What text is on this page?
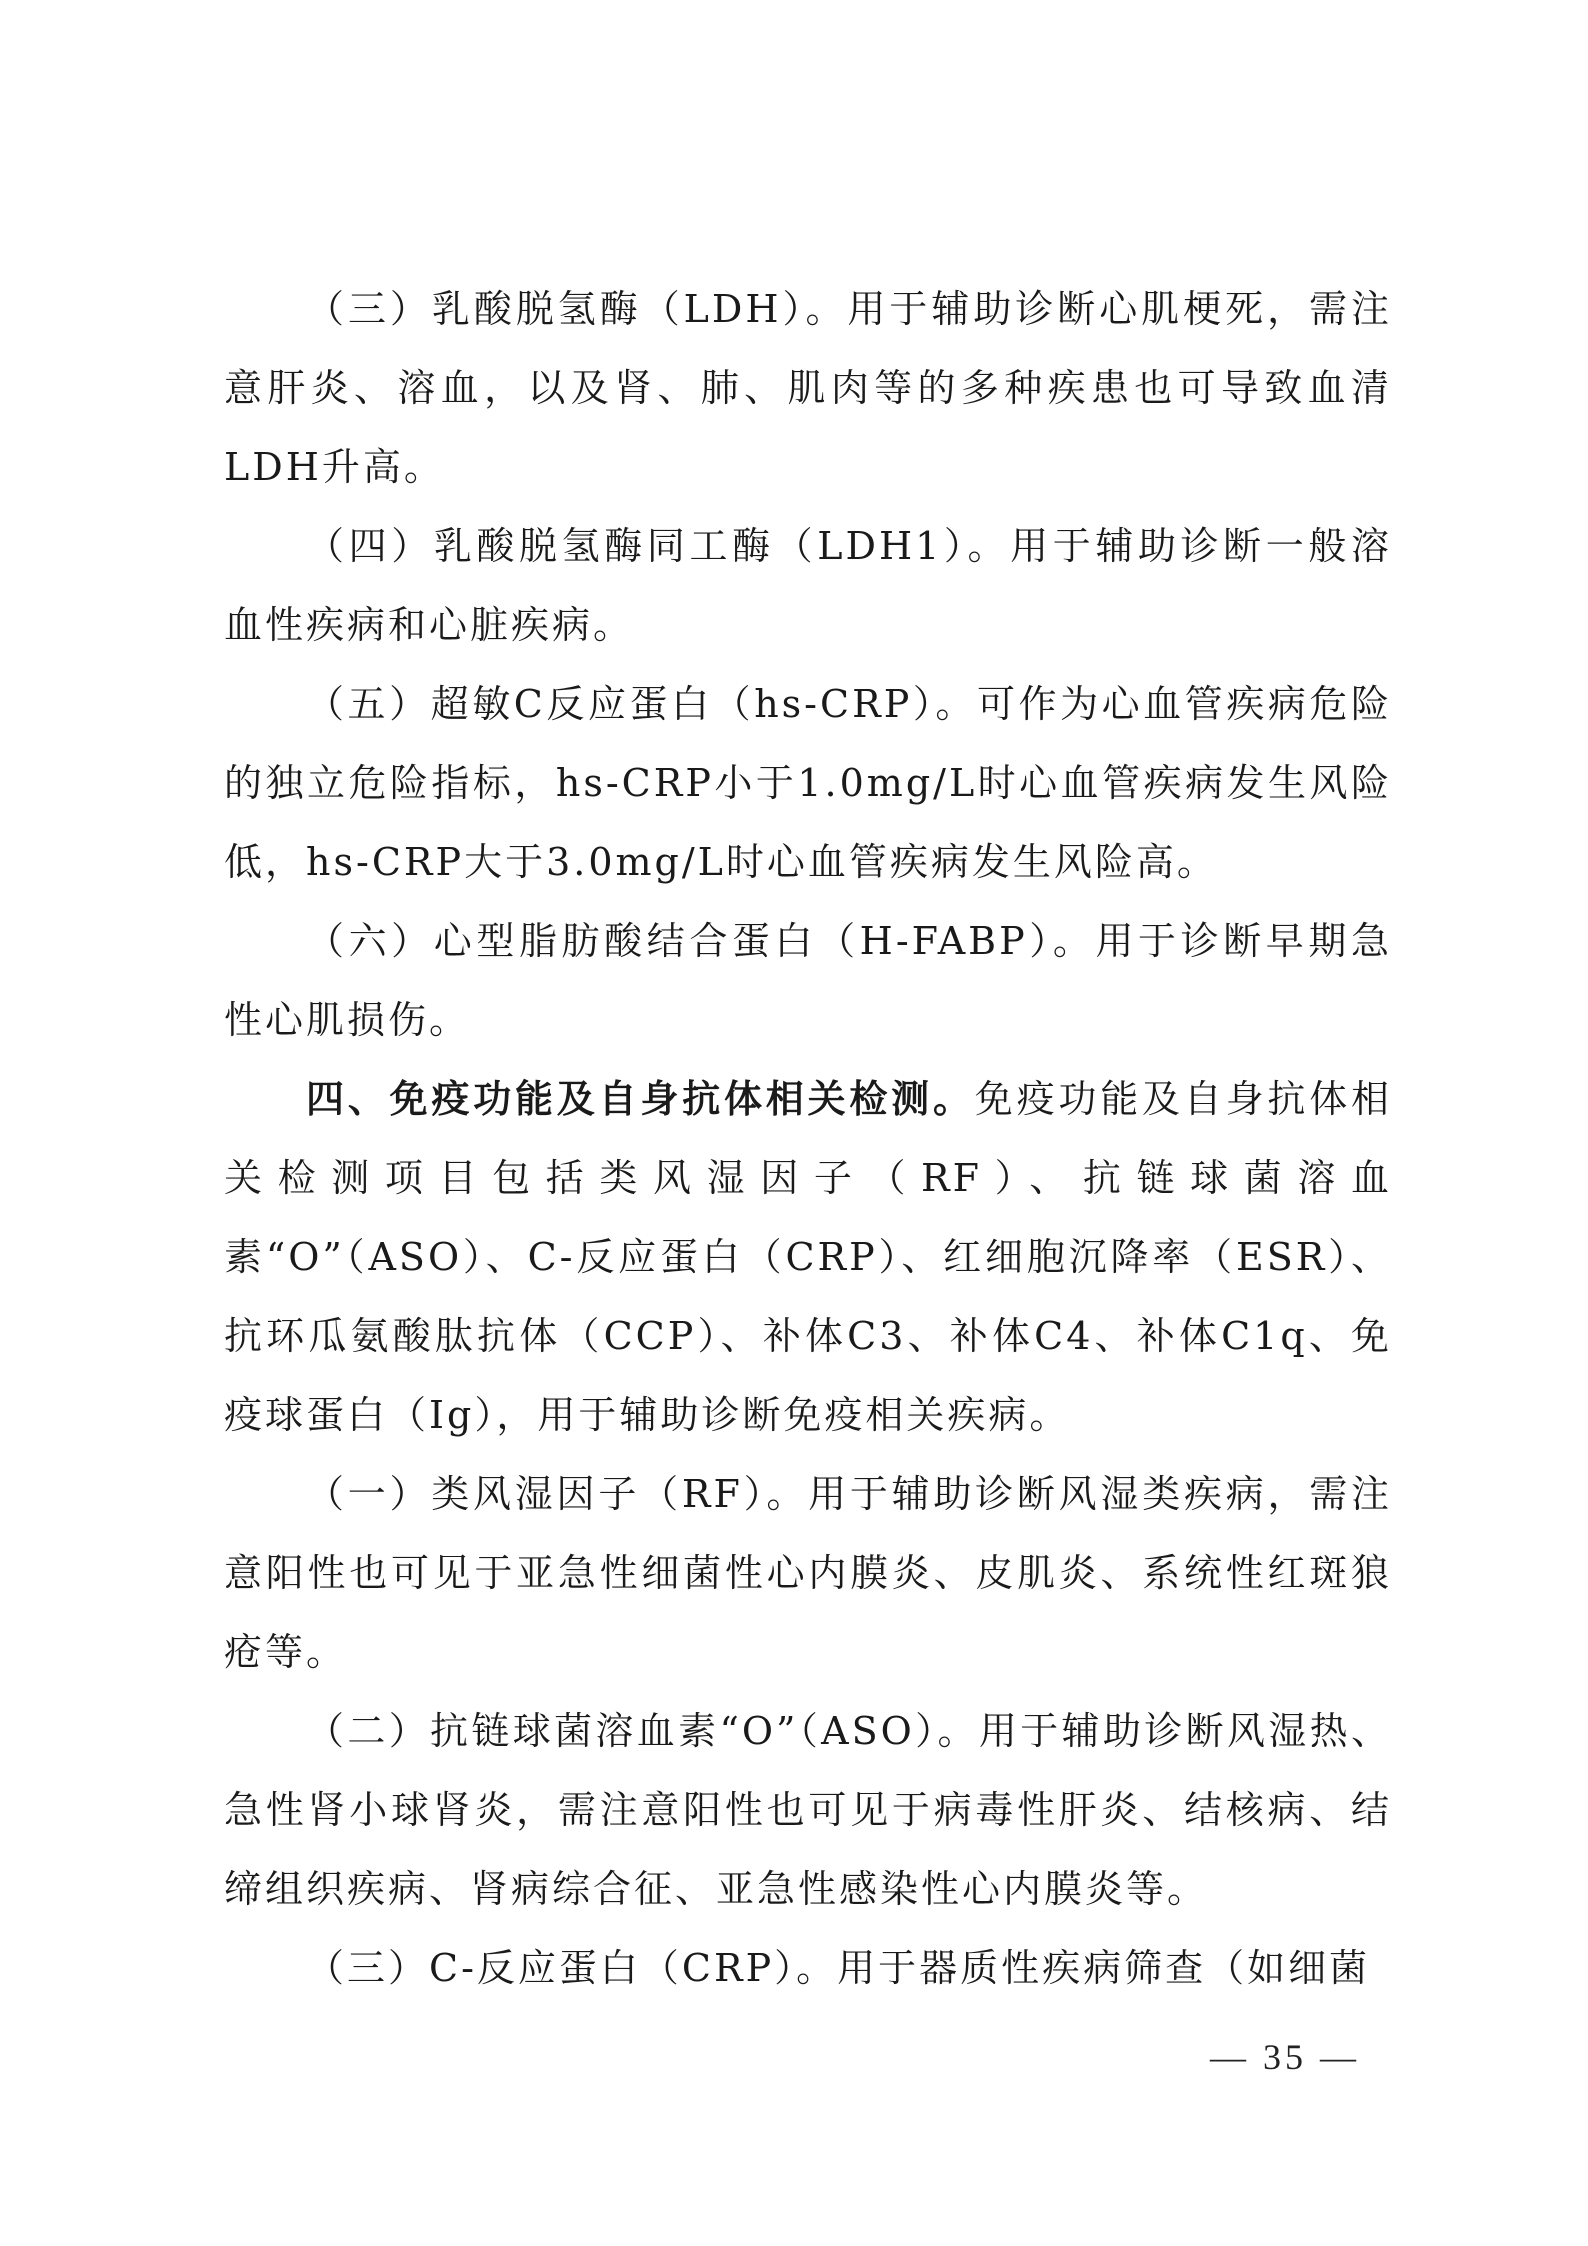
（三）乳酸脱氢酶（LDH）。用于辅助诊断心肌梗死，需注意肝炎、溶血，以及肾、肺、肌肉等的多种疾患也可导致血清LDH升高。

（四）乳酸脱氢酶同工酶（LDH1）。用于辅助诊断一般溶血性疾病和心脏疾病。

（五）超敏C反应蛋白（hs-CRP）。可作为心血管疾病危险的独立危险指标，hs-CRP小于1.0mg/L时心血管疾病发生风险低，hs-CRP大于3.0mg/L时心血管疾病发生风险高。

（六）心型脂肪酸结合蛋白（H-FABP）。用于诊断早期急性心肌损伤。

四、免疫功能及自身抗体相关检测。免疫功能及自身抗体相关检测项目包括类风湿因子（RF）、抗链球菌溶血素“O”（ASO）、C-反应蛋白（CRP）、红细胞沉降率（ESR）、抗环瓜氨酸肽抗体（CCP）、补体C3、补体C4、补体C1q、免疫球蛋白（Ig），用于辅助诊断免疫相关疾病。

（一）类风湿因子（RF）。用于辅助诊断风湿类疾病，需注意阳性也可见于亚急性细菌性心内膜炎、皮肌炎、系统性红斑狼疮等。

（二）抗链球菌溶血素“O”（ASO）。用于辅助诊断风湿热、急性肾小球肾炎，需注意阳性也可见于病毒性肝炎、结核病、结缔组织疾病、肾病综合征、亚急性感染性心内膜炎等。

（三）C-反应蛋白（CRP）。用于器质性疾病筛查（如细菌

— 35 —
